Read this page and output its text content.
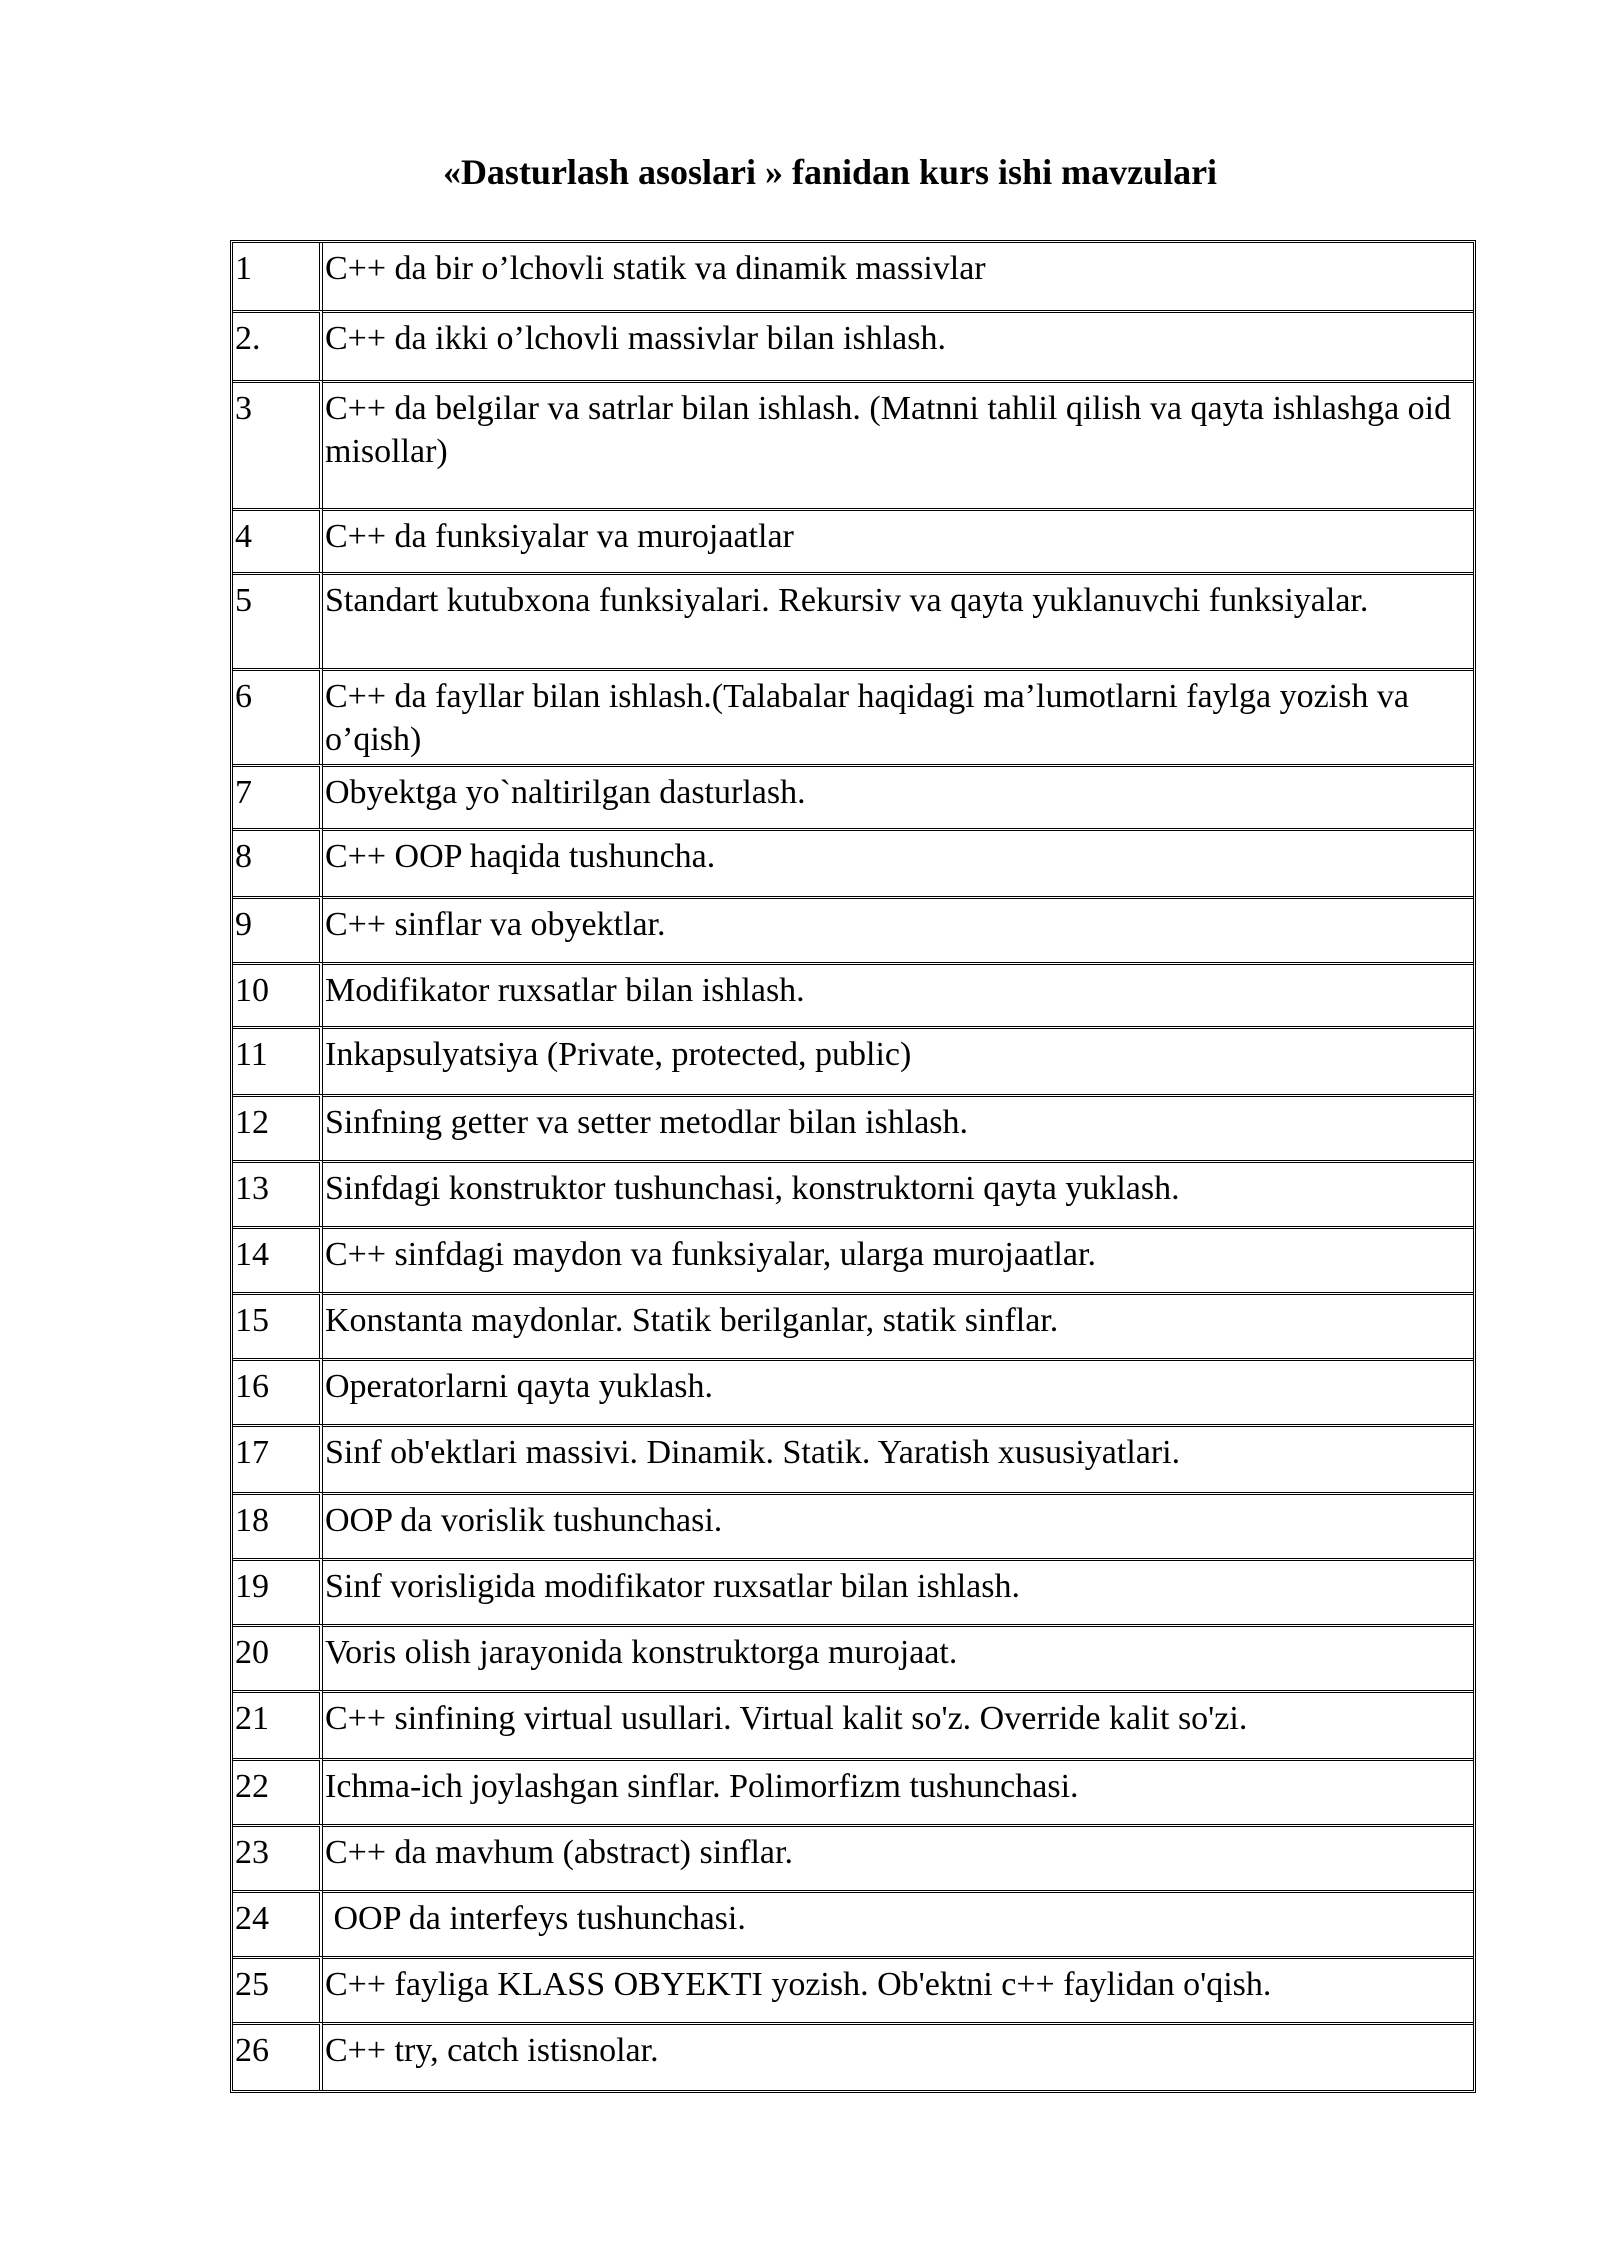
«Dasturlash asoslari » fanidan kurs ishi mavzulari
1	C++ da bir o’lchovli statik va dinamik massivlar
2.	C++ da ikki o’lchovli massivlar bilan ishlash.
3	C++ da belgilar va satrlar bilan ishlash. (Matnni tahlil qilish va qayta ishlashga oid misollar)
4	C++ da funksiyalar va murojaatlar
5	Standart kutubxona funksiyalari. Rekursiv va qayta yuklanuvchi funksiyalar.
6	C++ da fayllar bilan ishlash.(Talabalar haqidagi ma’lumotlarni faylga yozish va o’qish)
7	Obyektga yo`naltirilgan dasturlash.
8	C++ OOP haqida tushuncha.
9	C++ sinflar va obyektlar.
10	Modifikator ruxsatlar bilan ishlash.
11	Inkapsulyatsiya (Private, protected, public)
12	Sinfning getter va setter metodlar bilan ishlash.
13	Sinfdagi konstruktor tushunchasi, konstruktorni qayta yuklash.
14	C++ sinfdagi maydon va funksiyalar, ularga murojaatlar.
15	Konstanta maydonlar. Statik berilganlar, statik sinflar.
16	Operatorlarni qayta yuklash.
17	Sinf ob'ektlari massivi. Dinamik. Statik. Yaratish xususiyatlari.
18	OOP da vorislik tushunchasi.
19	Sinf vorisligida modifikator ruxsatlar bilan ishlash.
20	Voris olish jarayonida konstruktorga murojaat.
21	C++ sinfining virtual usullari. Virtual kalit so'z. Override kalit so'zi.
22	Ichma-ich joylashgan sinflar. Polimorfizm tushunchasi.
23	C++ da mavhum (abstract) sinflar.
24	OOP da interfeys tushunchasi.
25	C++ fayliga KLASS OBYEKTI yozish. Ob'ektni c++ faylidan o'qish.
26	C++ try, catch istisnolar.
